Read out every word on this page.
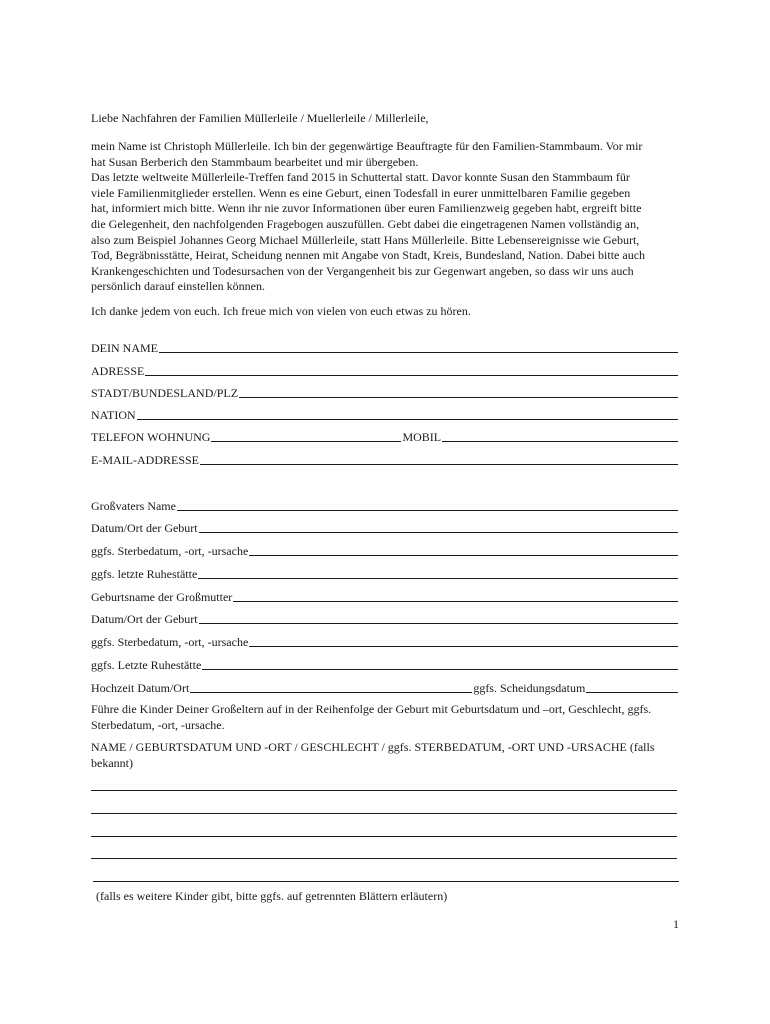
Liebe Nachfahren der Familien Müllerleile / Muellerleile / Millerleile,

mein Name ist Christoph Müllerleile. Ich bin der gegenwärtige Beauftragte für den Familien-Stammbaum. Vor mir

hat Susan Berberich den Stammbaum bearbeitet und mir übergeben.

Das letzte weltweite Müllerleile-Treffen fand 2015 in Schuttertal statt. Davor konnte Susan den Stammbaum für

viele Familienmitglieder erstellen. Wenn es eine Geburt, einen Todesfall in eurer unmittelbaren Familie gegeben

hat, informiert mich bitte. Wenn ihr nie zuvor Informationen über euren Familienzweig gegeben habt, ergreift bitte

die Gelegenheit, den nachfolgenden Fragebogen auszufüllen. Gebt dabei die eingetragenen Namen vollständig an,

also zum Beispiel Johannes Georg Michael Müllerleile, statt Hans Müllerleile. Bitte Lebensereignisse wie Geburt,

Tod, Begräbnisstätte, Heirat, Scheidung nennen mit Angabe von Stadt, Kreis, Bundesland, Nation. Dabei bitte auch

Krankengeschichten und Todesursachen von der Vergangenheit bis zur Gegenwart angeben, so dass wir uns auch

persönlich darauf einstellen können.

Ich danke jedem von euch. Ich freue mich von vielen von euch etwas zu hören.
DEIN NAME
ADRESSE
STADT/BUNDESLAND/PLZ
NATION
TELEFON WOHNUNG	MOBIL
E-MAIL-ADDRESSE
Großvaters Name
Datum/Ort der Geburt
ggfs. Sterbedatum, -ort, -ursache
ggfs. letzte Ruhestätte
Geburtsname der Großmutter
Datum/Ort der Geburt
ggfs. Sterbedatum, -ort, -ursache
ggfs. Letzte Ruhestätte
Hochzeit Datum/Ort	ggfs. Scheidungsdatum
Führe die Kinder Deiner Großeltern auf in der Reihenfolge der Geburt mit Geburtsdatum und –ort, Geschlecht, ggfs. Sterbedatum, -ort, -ursache.
NAME / GEBURTSDATUM UND -ORT / GESCHLECHT / ggfs. STERBEDATUM, -ORT UND -URSACHE (falls bekannt)
(falls es weitere Kinder gibt, bitte ggfs. auf getrennten Blättern erläutern)
1
